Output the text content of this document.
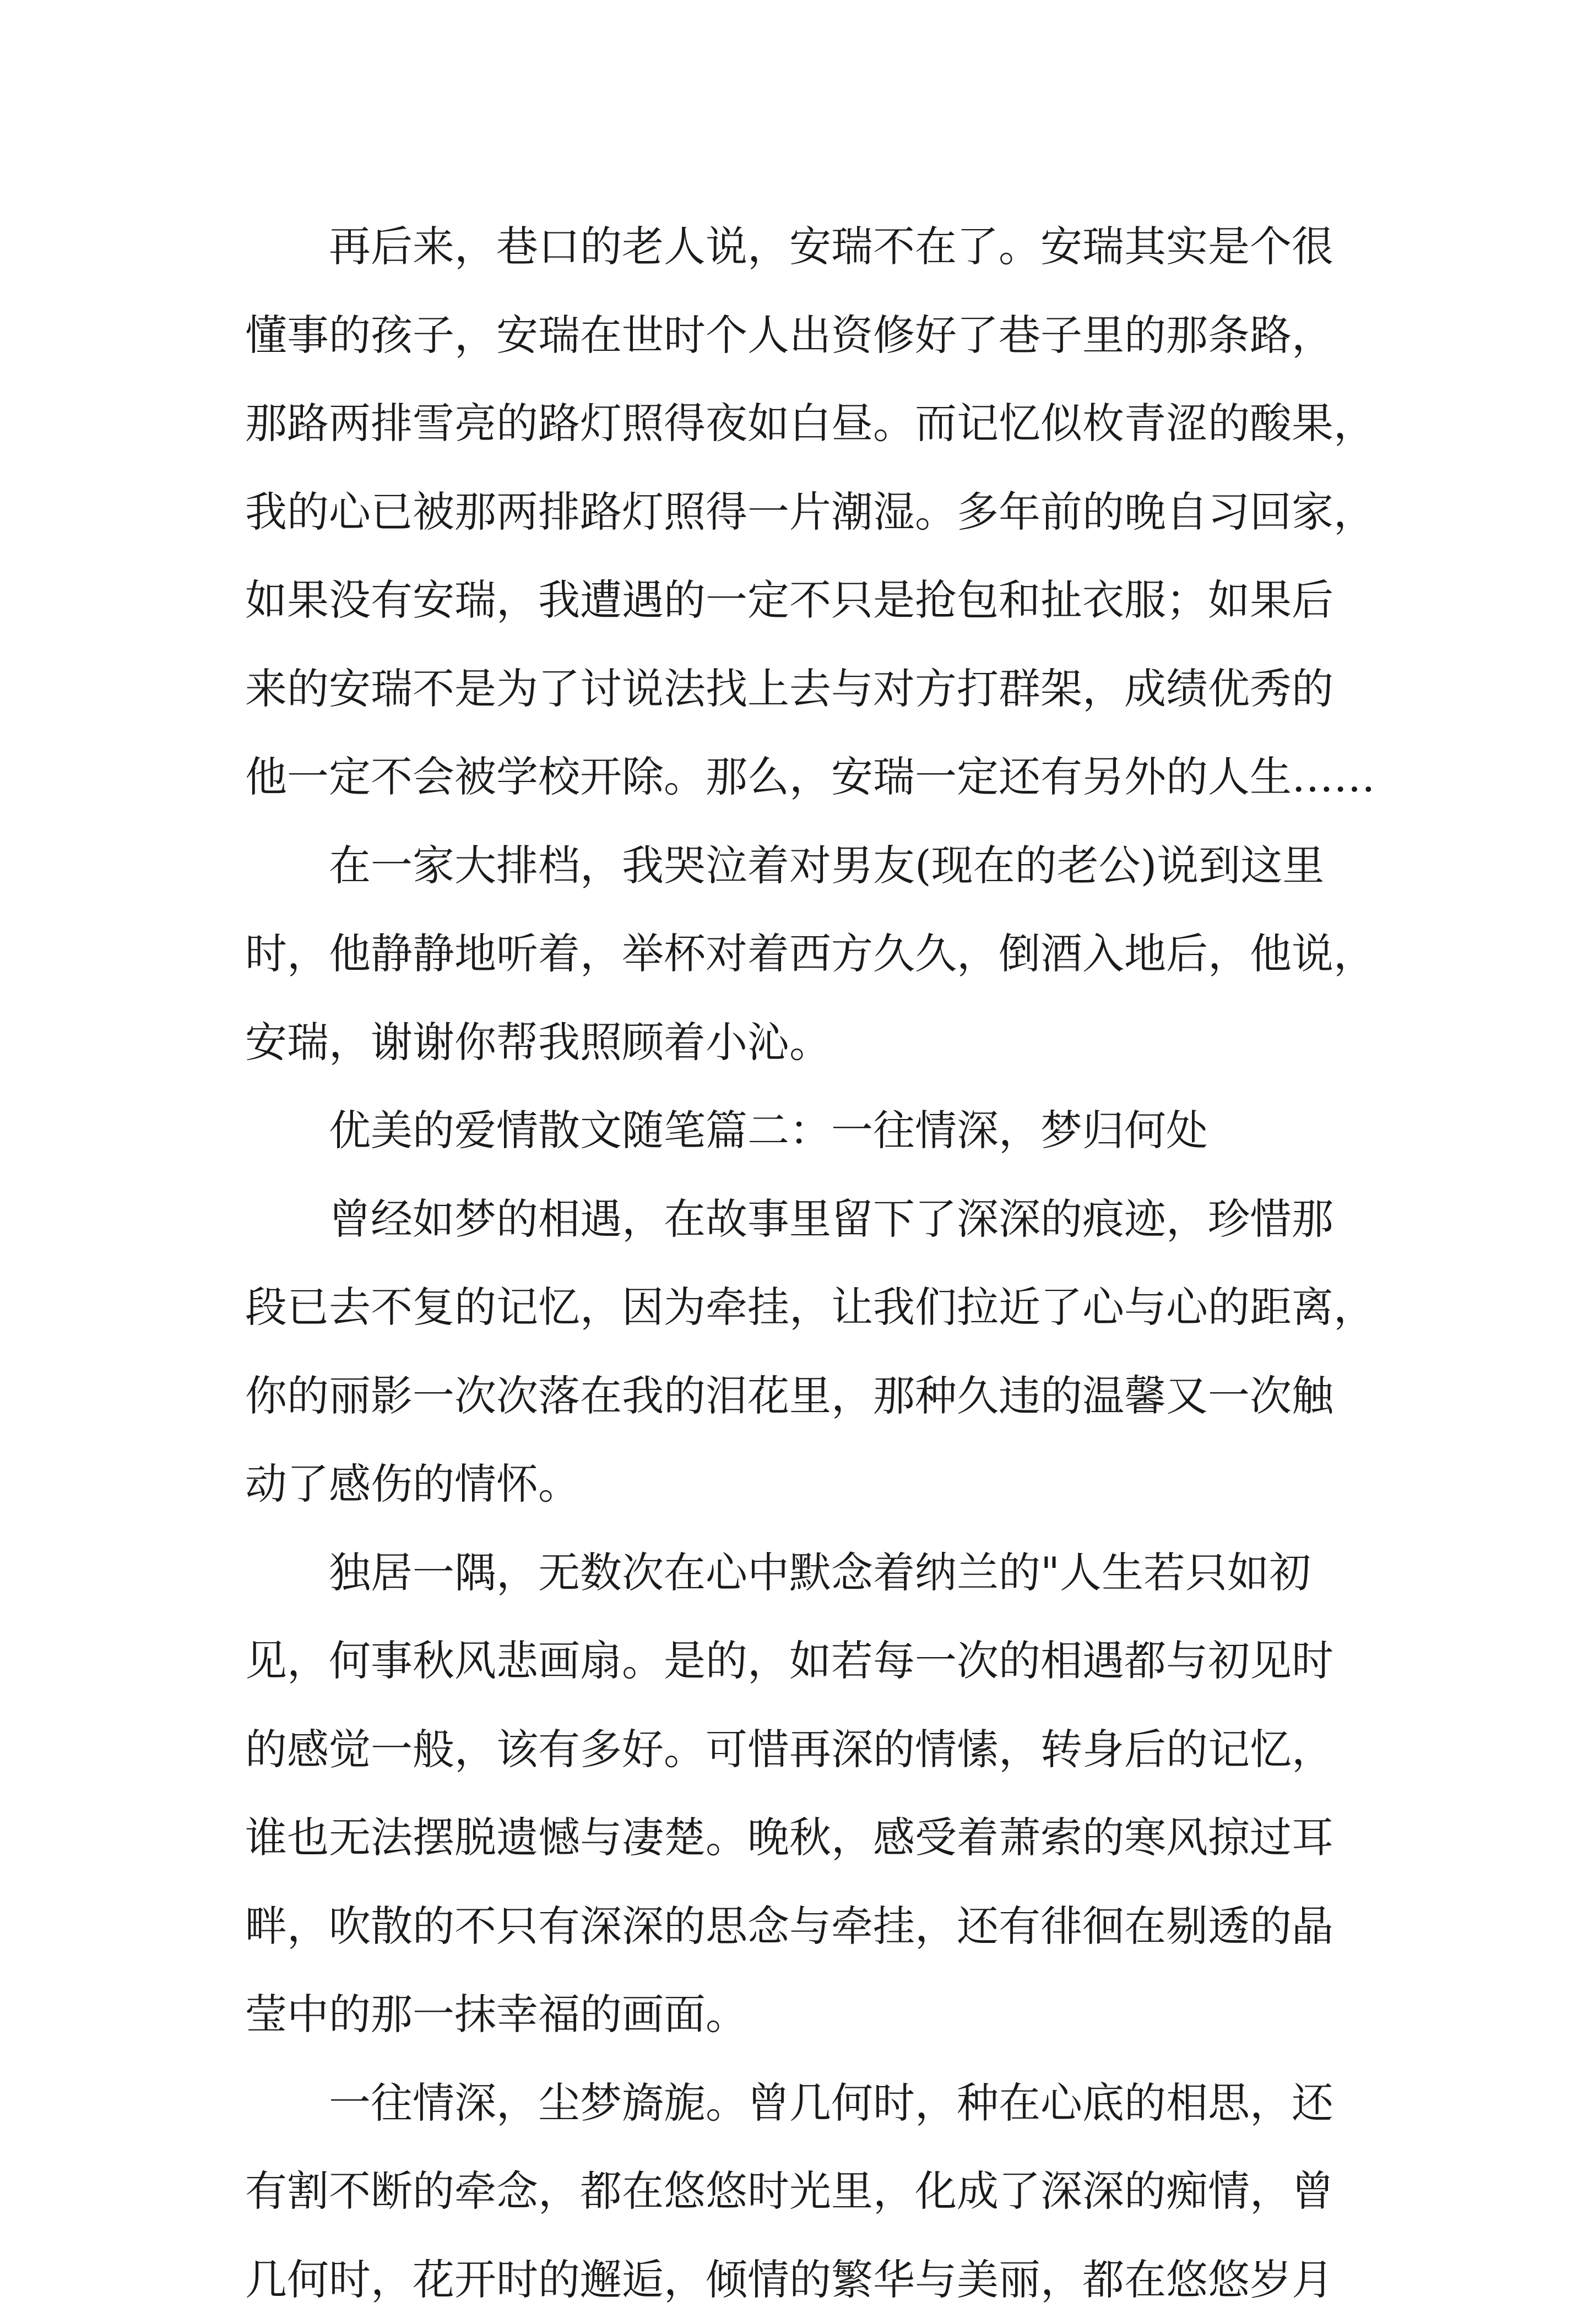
再后来，巷口的老人说，安瑞不在了。安瑞其实是个很
懂事的孩子，安瑞在世时个人出资修好了巷子里的那条路，
那路两排雪亮的路灯照得夜如白昼。而记忆似枚青涩的酸果，
我的心已被那两排路灯照得一片潮湿。多年前的晚自习回家，
如果没有安瑞，我遭遇的一定不只是抢包和扯衣服；如果后
来的安瑞不是为了讨说法找上去与对方打群架，成绩优秀的
他一定不会被学校开除。那么，安瑞一定还有另外的人生……
在一家大排档，我哭泣着对男友(现在的老公)说到这里
时，他静静地听着，举杯对着西方久久，倒酒入地后，他说，
安瑞，谢谢你帮我照顾着小沁。
优美的爱情散文随笔篇二：一往情深，梦归何处
曾经如梦的相遇，在故事里留下了深深的痕迹，珍惜那
段已去不复的记忆，因为牵挂，让我们拉近了心与心的距离，
你的丽影一次次落在我的泪花里，那种久违的温馨又一次触
动了感伤的情怀。
独居一隅，无数次在心中默念着纳兰的"人生若只如初
见，何事秋风悲画扇。是的，如若每一次的相遇都与初见时
的感觉一般，该有多好。可惜再深的情愫，转身后的记忆，
谁也无法摆脱遗憾与凄楚。晚秋，感受着萧索的寒风掠过耳
畔，吹散的不只有深深的思念与牵挂，还有徘徊在剔透的晶
莹中的那一抹幸福的画面。
一往情深，尘梦旖旎。曾几何时，种在心底的相思，还
有割不断的牵念，都在悠悠时光里，化成了深深的痴情，曾
几何时，花开时的邂逅，倾情的繁华与美丽，都在悠悠岁月
